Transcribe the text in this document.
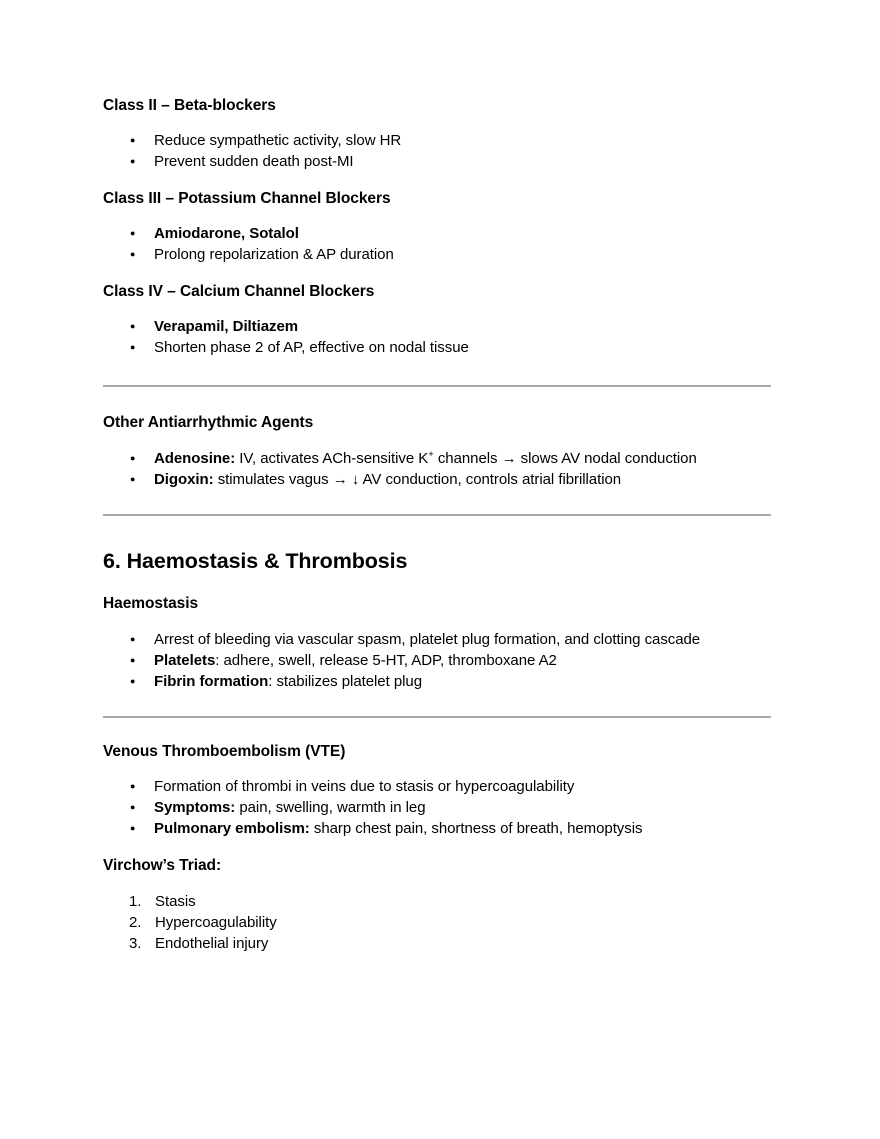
Class II – Beta-blockers
● Reduce sympathetic activity, slow HR
● Prevent sudden death post-MI
Class III – Potassium Channel Blockers
● Amiodarone, Sotalol
● Prolong repolarization & AP duration
Class IV – Calcium Channel Blockers
● Verapamil, Diltiazem
● Shorten phase 2 of AP, effective on nodal tissue
Other Antiarrhythmic Agents
● Adenosine: IV, activates ACh-sensitive K+ channels → slows AV nodal conduction
● Digoxin: stimulates vagus → ↓ AV conduction, controls atrial fibrillation
6. Haemostasis & Thrombosis
Haemostasis
● Arrest of bleeding via vascular spasm, platelet plug formation, and clotting cascade
● Platelets: adhere, swell, release 5-HT, ADP, thromboxane A2
● Fibrin formation: stabilizes platelet plug
Venous Thromboembolism (VTE)
● Formation of thrombi in veins due to stasis or hypercoagulability
● Symptoms: pain, swelling, warmth in leg
● Pulmonary embolism: sharp chest pain, shortness of breath, hemoptysis
Virchow’s Triad:
Stasis
Hypercoagulability
Endothelial injury
